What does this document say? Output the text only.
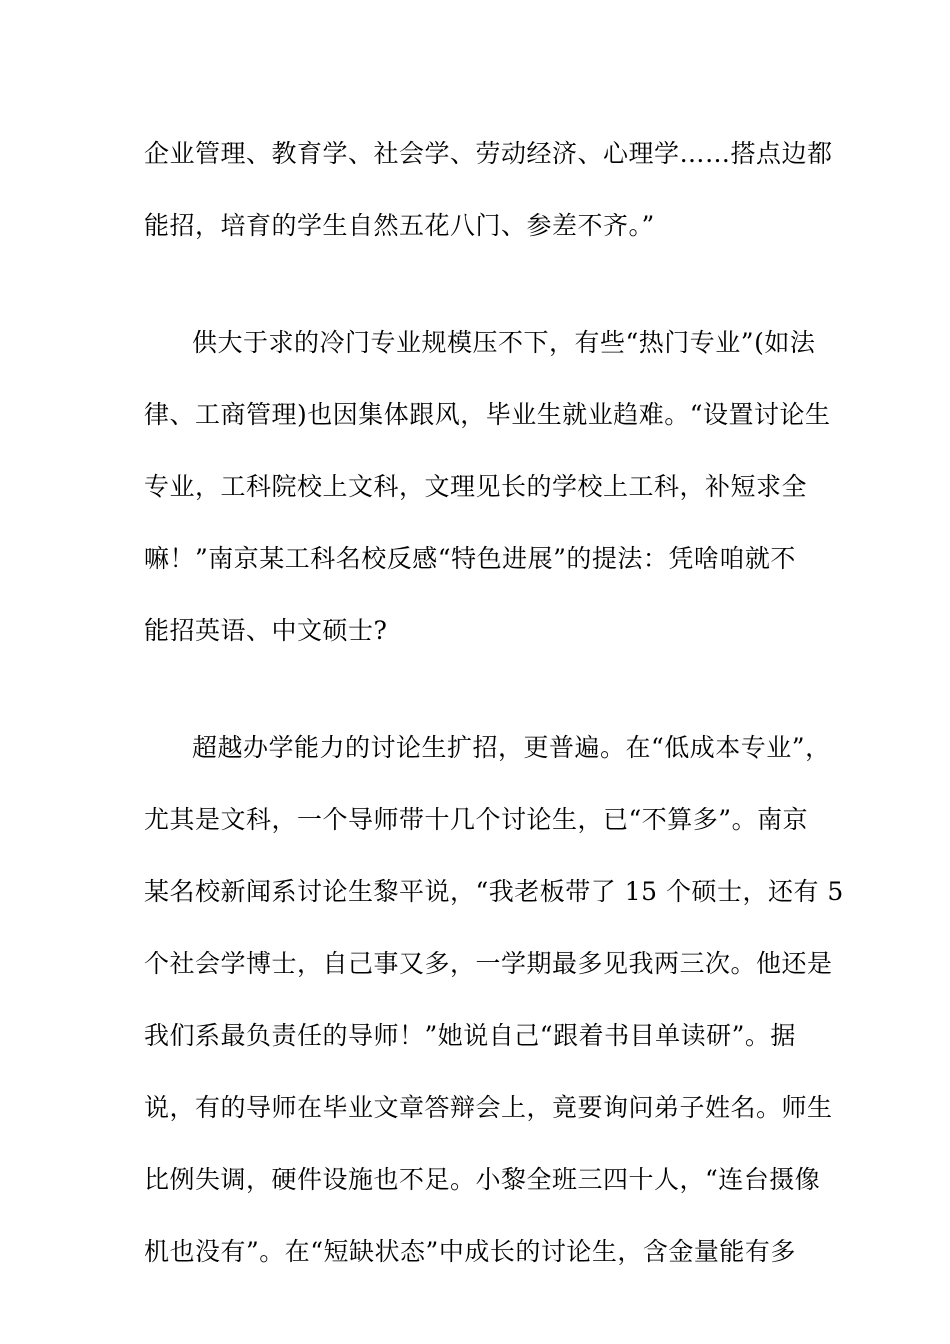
企业管理、教育学、社会学、劳动经济、心理学……搭点边都
能招，培育的学生自然五花八门、参差不齐。”
供大于求的冷门专业规模压不下，有些“热门专业”(如法
律、工商管理)也因集体跟风，毕业生就业趋难。“设置讨论生
专业，工科院校上文科，文理见长的学校上工科，补短求全
嘛！”南京某工科名校反感“特色进展”的提法：凭啥咱就不
能招英语、中文硕士?
超越办学能力的讨论生扩招，更普遍。在“低成本专业”，
尤其是文科，一个导师带十几个讨论生，已“不算多”。南京
某名校新闻系讨论生黎平说，“我老板带了 15 个硕士，还有 5
个社会学博士，自己事又多，一学期最多见我两三次。他还是
我们系最负责任的导师！”她说自己“跟着书目单读研”。据
说，有的导师在毕业文章答辩会上，竟要询问弟子姓名。师生
比例失调，硬件设施也不足。小黎全班三四十人，“连台摄像
机也没有”。在“短缺状态”中成长的讨论生，含金量能有多
